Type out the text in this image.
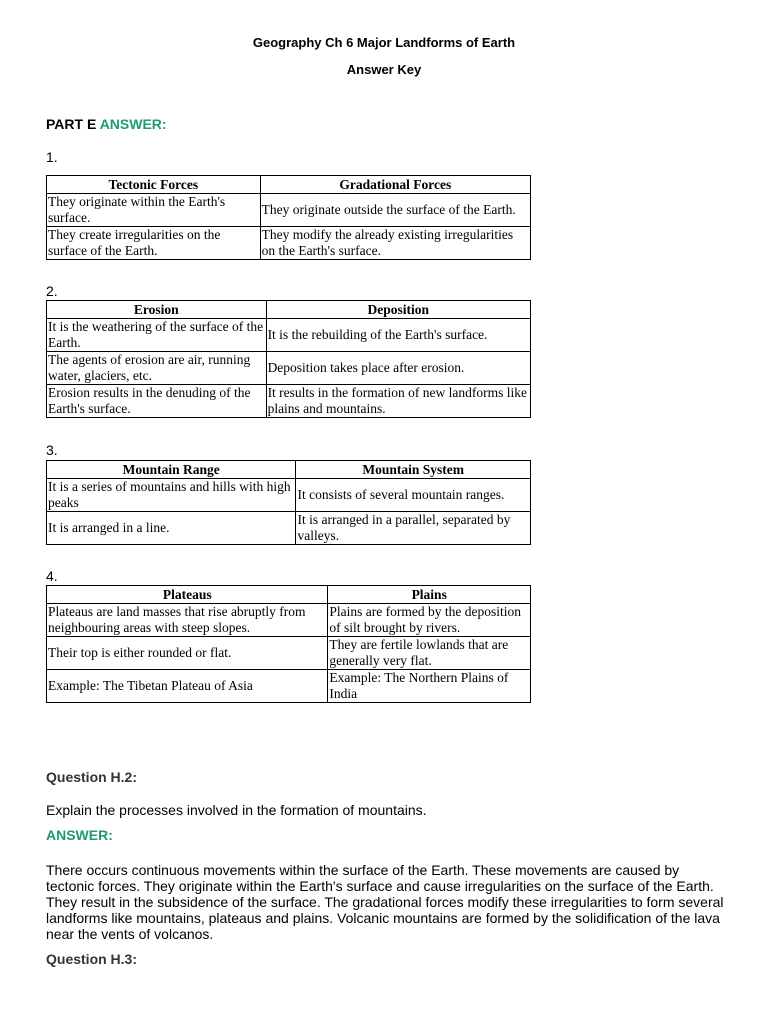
Geography Ch 6 Major Landforms of Earth
Answer Key
PART E ANSWER:
1.
Tectonic Forces	Gradational Forces
They originate within the Earth's surface.	They originate outside the surface of the Earth.
They create irregularities on the surface of the Earth.	They modify the already existing irregularities on the Earth's surface.
2.
Erosion	Deposition
It is the weathering of the surface of the Earth.	It is the rebuilding of the Earth's surface.
The agents of erosion are air, running water, glaciers, etc.	Deposition takes place after erosion.
Erosion results in the denuding of the Earth's surface.	It results in the formation of new landforms like plains and mountains.
3.
Mountain Range	Mountain System
It is a series of mountains and hills with high peaks	It consists of several mountain ranges.
It is arranged in a line.	It is arranged in a parallel, separated by valleys.
4.
Plateaus	Plains
Plateaus are land masses that rise abruptly from neighbouring areas with steep slopes.	Plains are formed by the deposition of silt brought by rivers.
Their top is either rounded or flat.	They are fertile lowlands that are generally very flat.
Example: The Tibetan Plateau of Asia	Example: The Northern Plains of India
Question H.2:
Explain the processes involved in the formation of mountains.
ANSWER:
There occurs continuous movements within the surface of the Earth. These movements are caused by tectonic forces. They originate within the Earth's surface and cause irregularities on the surface of the Earth. They result in the subsidence of the surface. The gradational forces modify these irregularities to form several landforms like mountains, plateaus and plains. Volcanic mountains are formed by the solidification of the lava near the vents of volcanos.
Question H.3:
